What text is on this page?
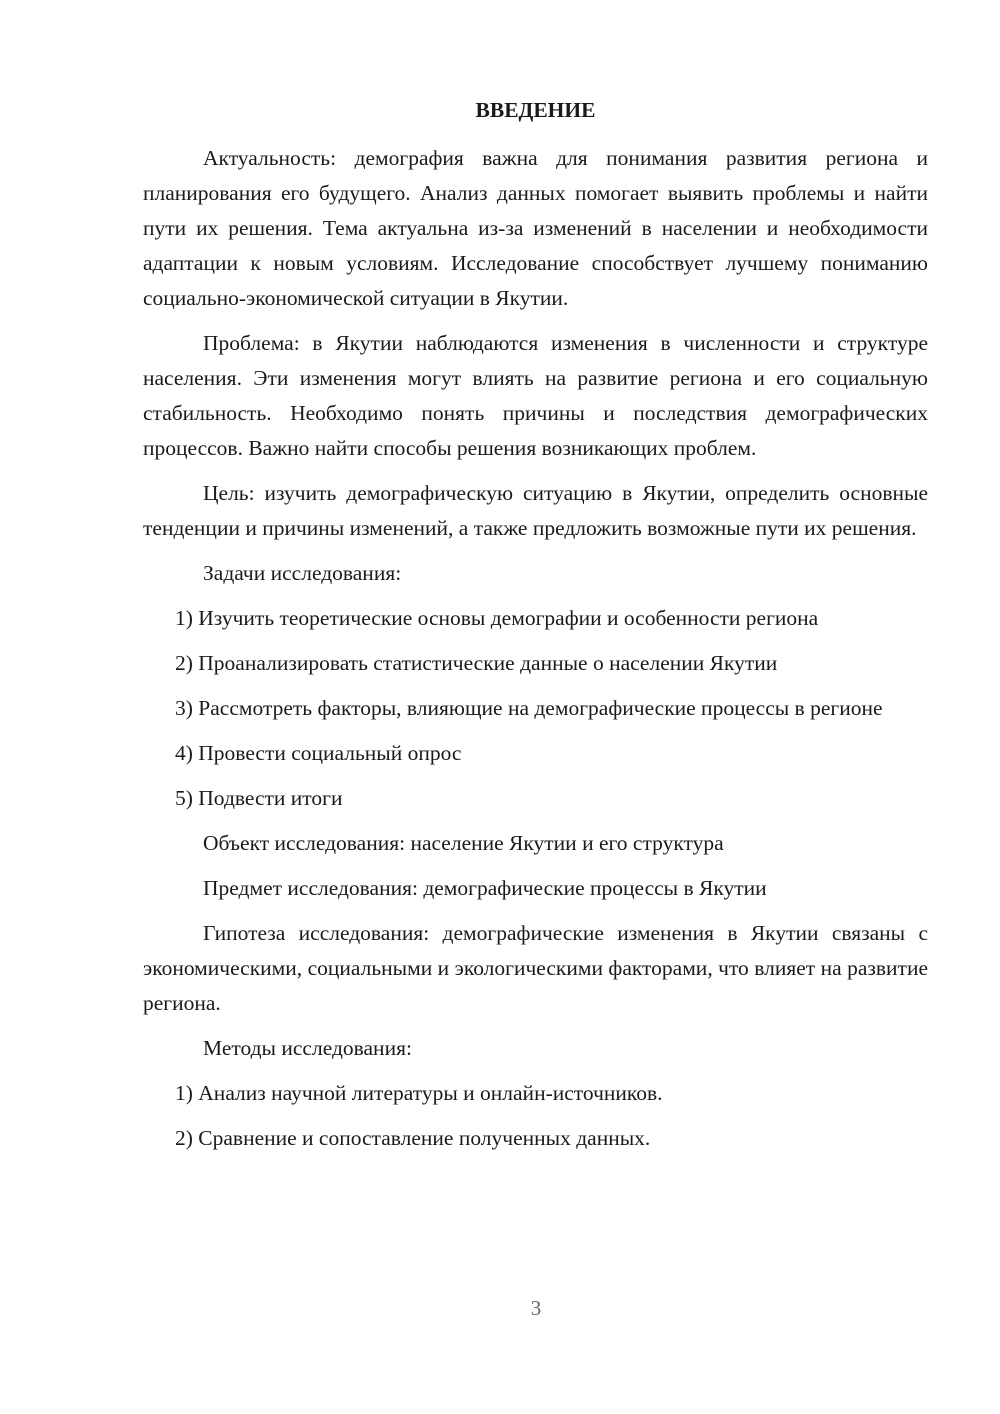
ВВЕДЕНИЕ

Актуальность: демография важна для понимания развития региона и планирования его будущего. Анализ данных помогает выявить проблемы и найти пути их решения. Тема актуальна из-за изменений в населении и необходимости адаптации к новым условиям. Исследование способствует лучшему пониманию социально-экономической ситуации в Якутии.

Проблема: в Якутии наблюдаются изменения в численности и структуре населения. Эти изменения могут влиять на развитие региона и его социальную стабильность. Необходимо понять причины и последствия демографических процессов. Важно найти способы решения возникающих проблем.

Цель: изучить демографическую ситуацию в Якутии, определить основные тенденции и причины изменений, а также предложить возможные пути их решения.

Задачи исследования:

1) Изучить теоретические основы демографии и особенности региона

2) Проанализировать статистические данные о населении Якутии

3) Рассмотреть факторы, влияющие на демографические процессы в регионе

4) Провести социальный опрос

5) Подвести итоги

Объект исследования: население Якутии и его структура

Предмет исследования: демографические процессы в Якутии

Гипотеза исследования: демографические изменения в Якутии связаны с экономическими, социальными и экологическими факторами, что влияет на развитие региона.

Методы исследования:

1) Анализ научной литературы и онлайн-источников.

2) Сравнение и сопоставление полученных данных.

3
